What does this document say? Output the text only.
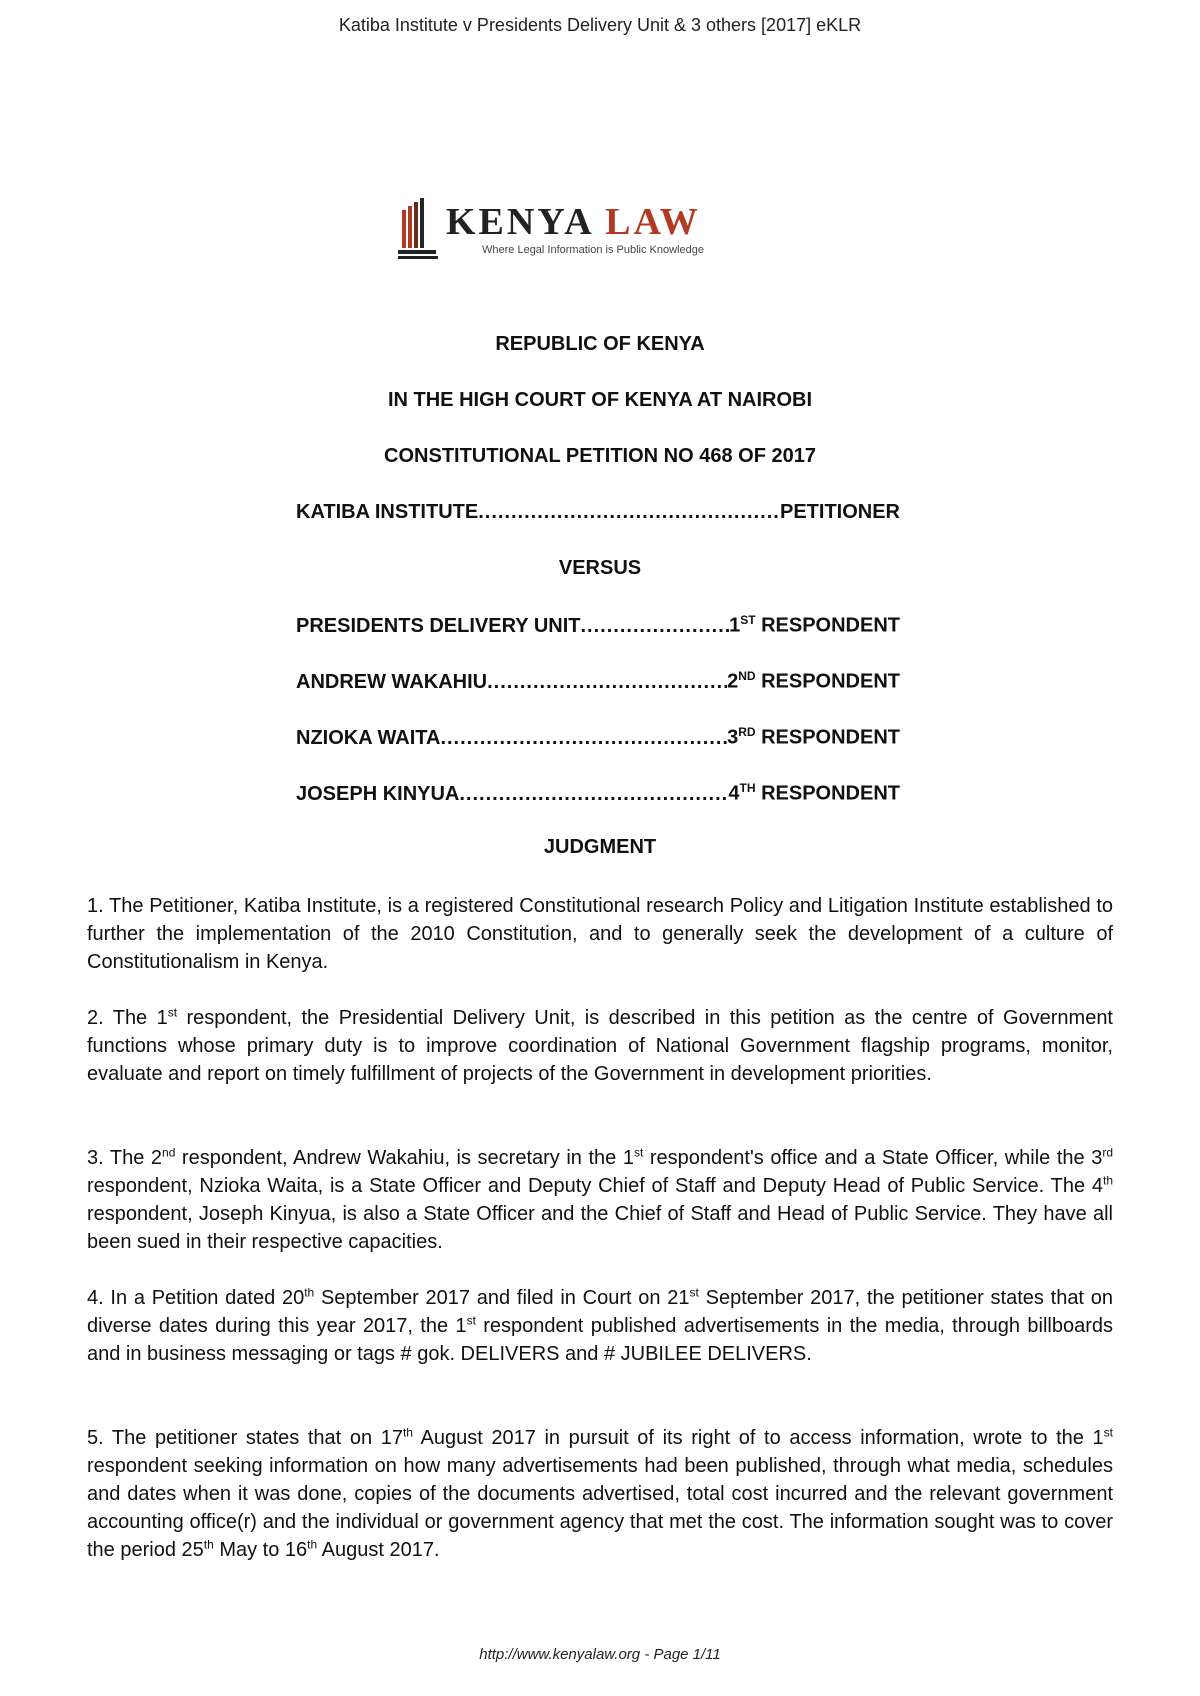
Katiba Institute v Presidents Delivery Unit & 3 others [2017] eKLR
KENYA LAW
Where Legal Information is Public Knowledge
REPUBLIC OF KENYA
IN THE HIGH COURT OF KENYA AT NAIROBI
CONSTITUTIONAL PETITION NO 468 OF 2017
KATIBA INSTITUTE .....	PETITIONER
VERSUS
PRESIDENTS DELIVERY UNIT .....	1ST RESPONDENT
ANDREW WAKAHIU .....	2ND RESPONDENT
NZIOKA WAITA .....	3RD RESPONDENT
JOSEPH KINYUA .....	4TH RESPONDENT
JUDGMENT
1. The Petitioner, Katiba Institute, is a registered Constitutional research Policy and Litigation Institute established to further the implementation of the 2010 Constitution, and to generally seek the development of a culture of Constitutionalism in Kenya.
2. The 1st respondent, the Presidential Delivery Unit, is described in this petition as the centre of Government functions whose primary duty is to improve coordination of National Government flagship programs, monitor, evaluate and report on timely fulfillment of projects of the Government in development priorities.
3. The 2nd respondent, Andrew Wakahiu, is secretary in the 1st respondent's office and a State Officer, while the 3rd respondent, Nzioka Waita, is a State Officer and Deputy Chief of Staff and Deputy Head of Public Service. The 4th respondent, Joseph Kinyua, is also a State Officer and the Chief of Staff and Head of Public Service. They have all been sued in their respective capacities.
4. In a Petition dated 20th September 2017 and filed in Court on 21st September 2017, the petitioner states that on diverse dates during this year 2017, the 1st respondent published advertisements in the media, through billboards and in business messaging or tags # gok. DELIVERS and # JUBILEE DELIVERS.
5. The petitioner states that on 17th August 2017 in pursuit of its right of to access information, wrote to the 1st respondent seeking information on how many advertisements had been published, through what media, schedules and dates when it was done, copies of the documents advertised, total cost incurred and the relevant government accounting office(r) and the individual or government agency that met the cost. The information sought was to cover the period 25th May to 16th August 2017.
http://www.kenyalaw.org - Page 1/11
